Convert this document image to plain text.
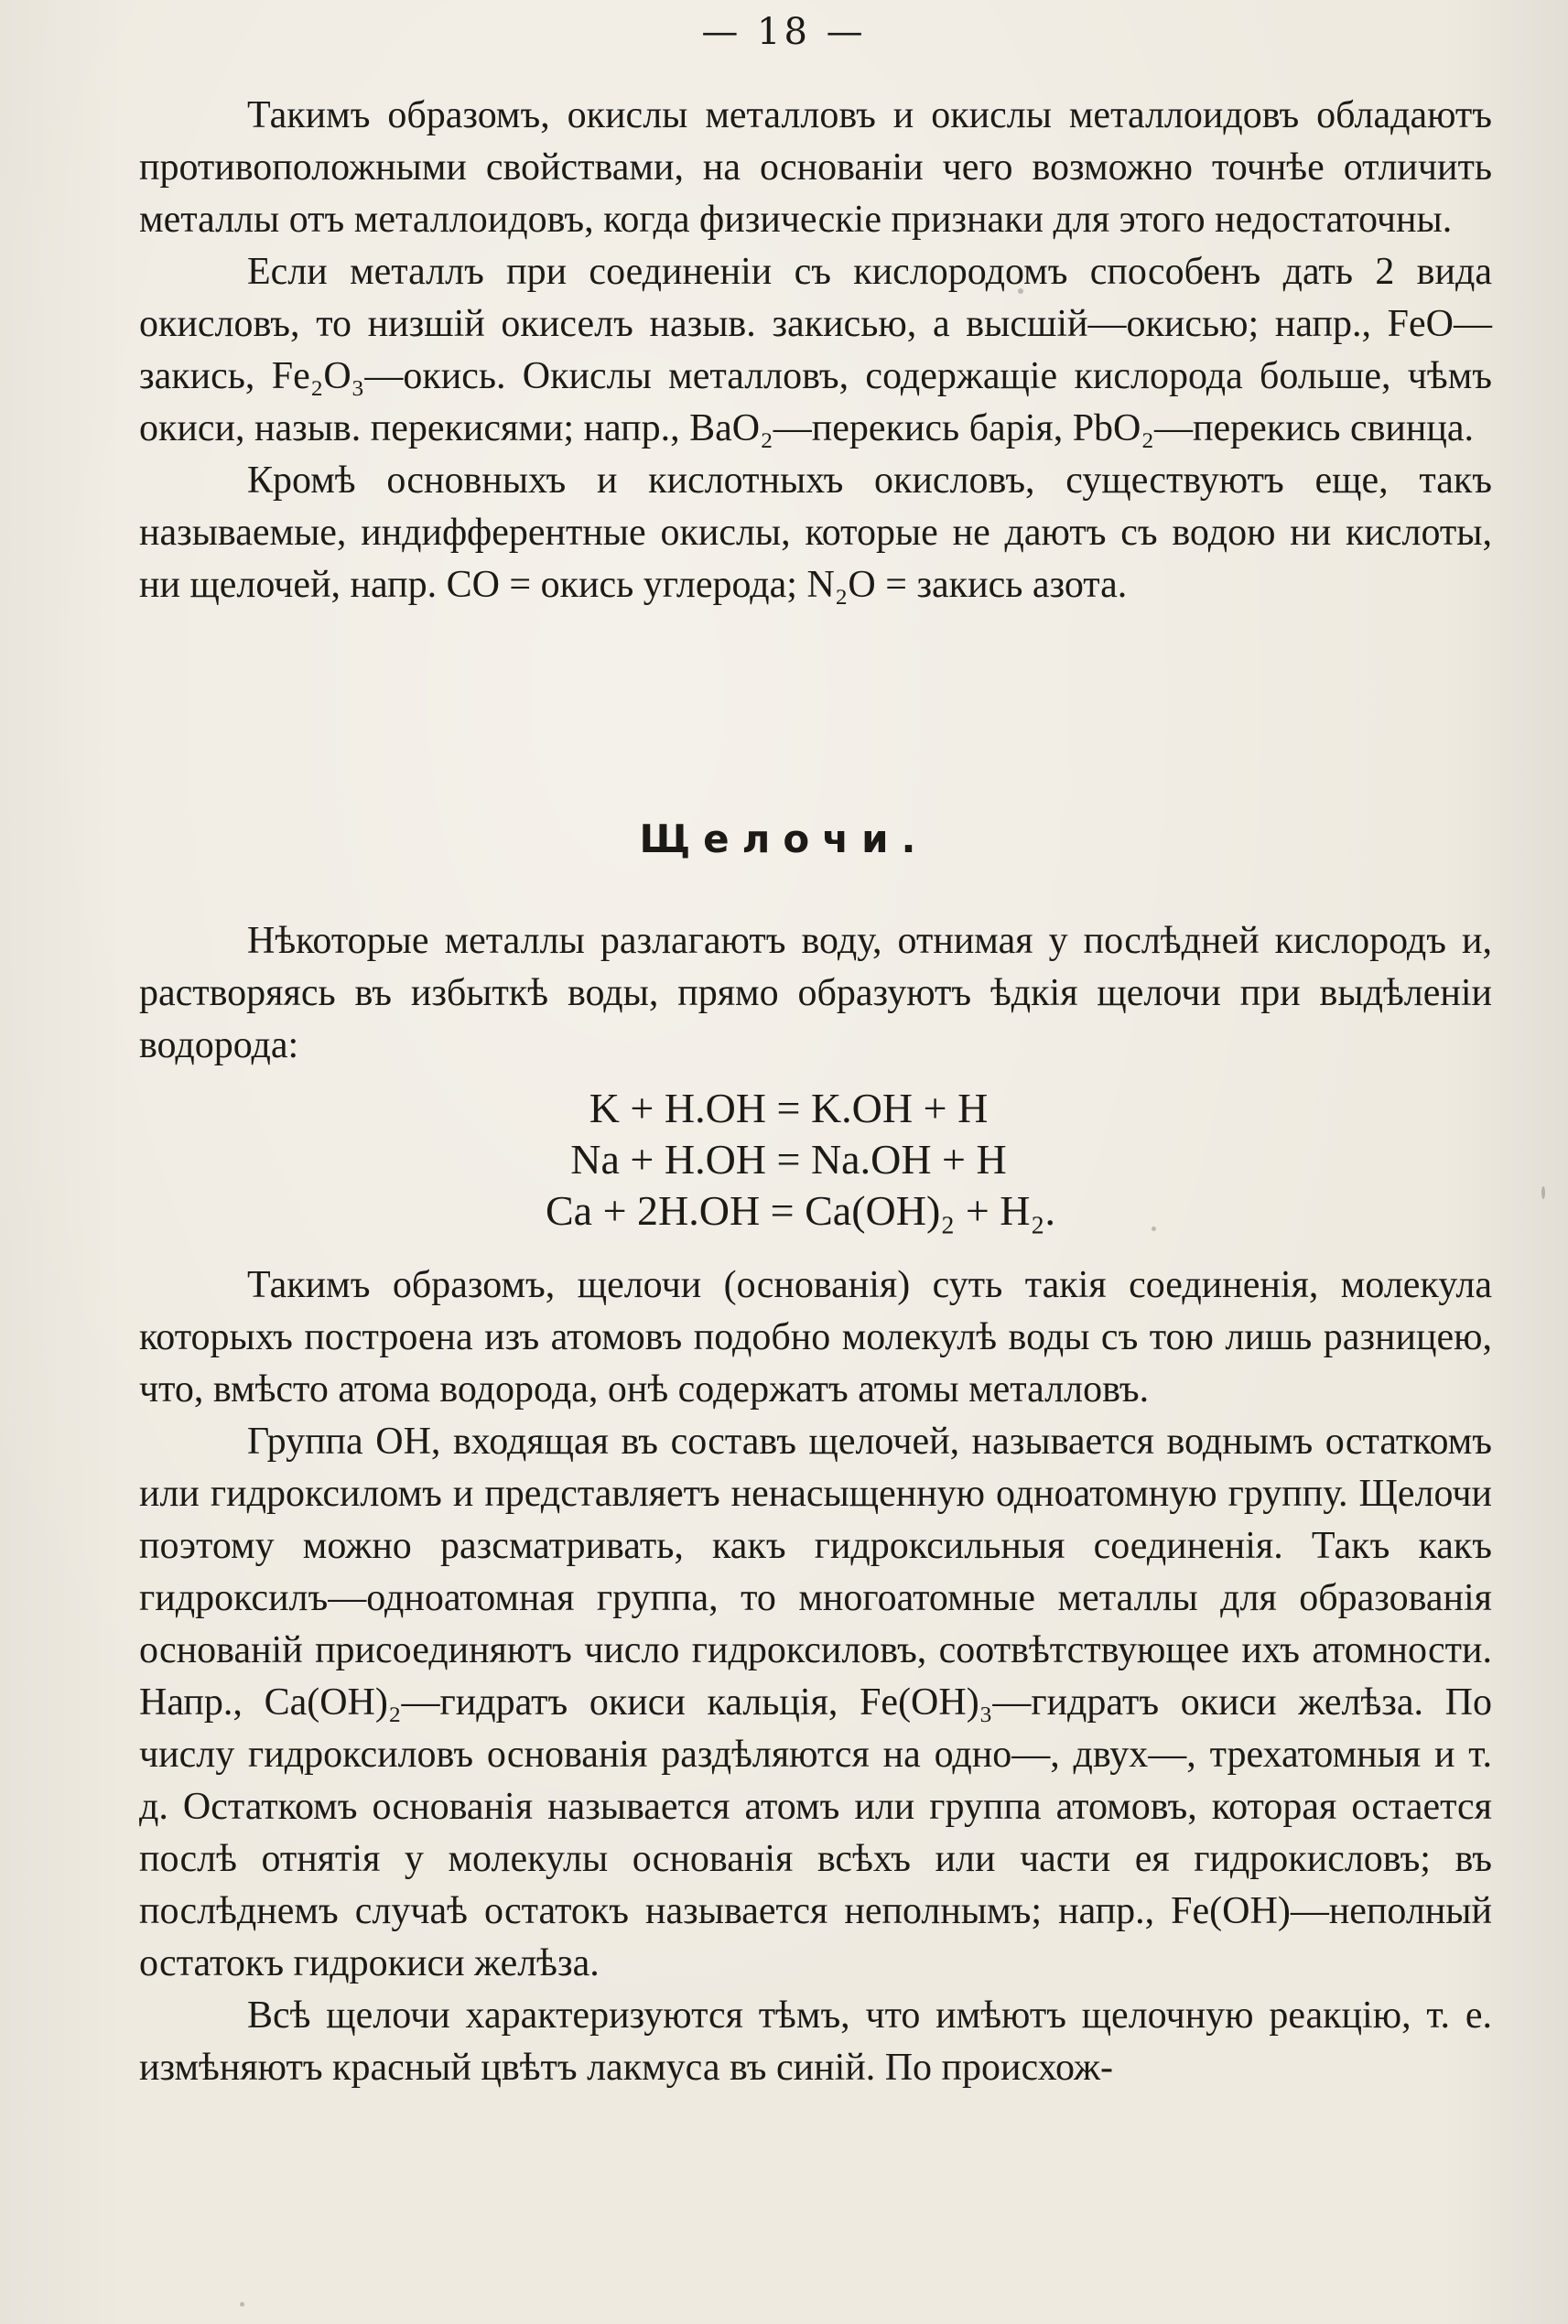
— 18 —

Такимъ образомъ, окислы металловъ и окислы металлоидовъ обладаютъ противоположными свойствами, на основаніи чего возможно точнѣе отличить металлы отъ металлоидовъ, когда физическіе признаки для этого недостаточны.

Если металлъ при соединеніи съ кислородомъ способенъ дать 2 вида окисловъ, то низшій окиселъ назыв. закисью, а высшій—окисью; напр., FeO—закись, Fe₂O₃—окись. Окислы металловъ, содержащіе кислорода больше, чѣмъ окиси, назыв. перекисями; напр., BaO₂—перекись барія, PbO₂—перекись свинца.

Кромѣ основныхъ и кислотныхъ окисловъ, существуютъ еще, такъ называемые, индифферентные окислы, которые не даютъ съ водою ни кислоты, ни щелочей, напр. CO = окись углерода; N₂O = закись азота.

Щелочи.

Нѣкоторые металлы разлагаютъ воду, отнимая у послѣдней кислородъ и, растворяясь въ избыткѣ воды, прямо образуютъ ѣдкія щелочи при выдѣленіи водорода:

K + H.OH = K.OH + H
Na + H.OH = Na.OH + H
Ca + 2H.OH = Ca(OH)₂ + H₂.

Такимъ образомъ, щелочи (основанія) суть такія соединенія, молекула которыхъ построена изъ атомовъ подобно молекулѣ воды съ тою лишь разницею, что, вмѣсто атома водорода, онѣ содержатъ атомы металловъ.

Группа OH, входящая въ составъ щелочей, называется воднымъ остаткомъ или гидроксиломъ и представляетъ ненасыщенную одноатомную группу. Щелочи поэтому можно разсматривать, какъ гидроксильныя соединенія. Такъ какъ гидроксилъ—одноатомная группа, то многоатомные металлы для образованія основаній присоединяютъ число гидроксиловъ, соотвѣтствующее ихъ атомности. Напр., Ca(OH)₂—гидратъ окиси кальція, Fe(OH)₃—гидратъ окиси желѣза. По числу гидроксиловъ основанія раздѣляются на одно—, двух—, трехатомныя и т. д. Остаткомъ основанія называется атомъ или группа атомовъ, которая остается послѣ отнятія у молекулы основанія всѣхъ или части ея гидрокисловъ; въ послѣднемъ случаѣ остатокъ называется неполнымъ; напр., Fe(OH)—неполный остатокъ гидрокиси желѣза.

Всѣ щелочи характеризуются тѣмъ, что имѣютъ щелочную реакцію, т. е. измѣняютъ красный цвѣтъ лакмуса въ синій. По происхож-
